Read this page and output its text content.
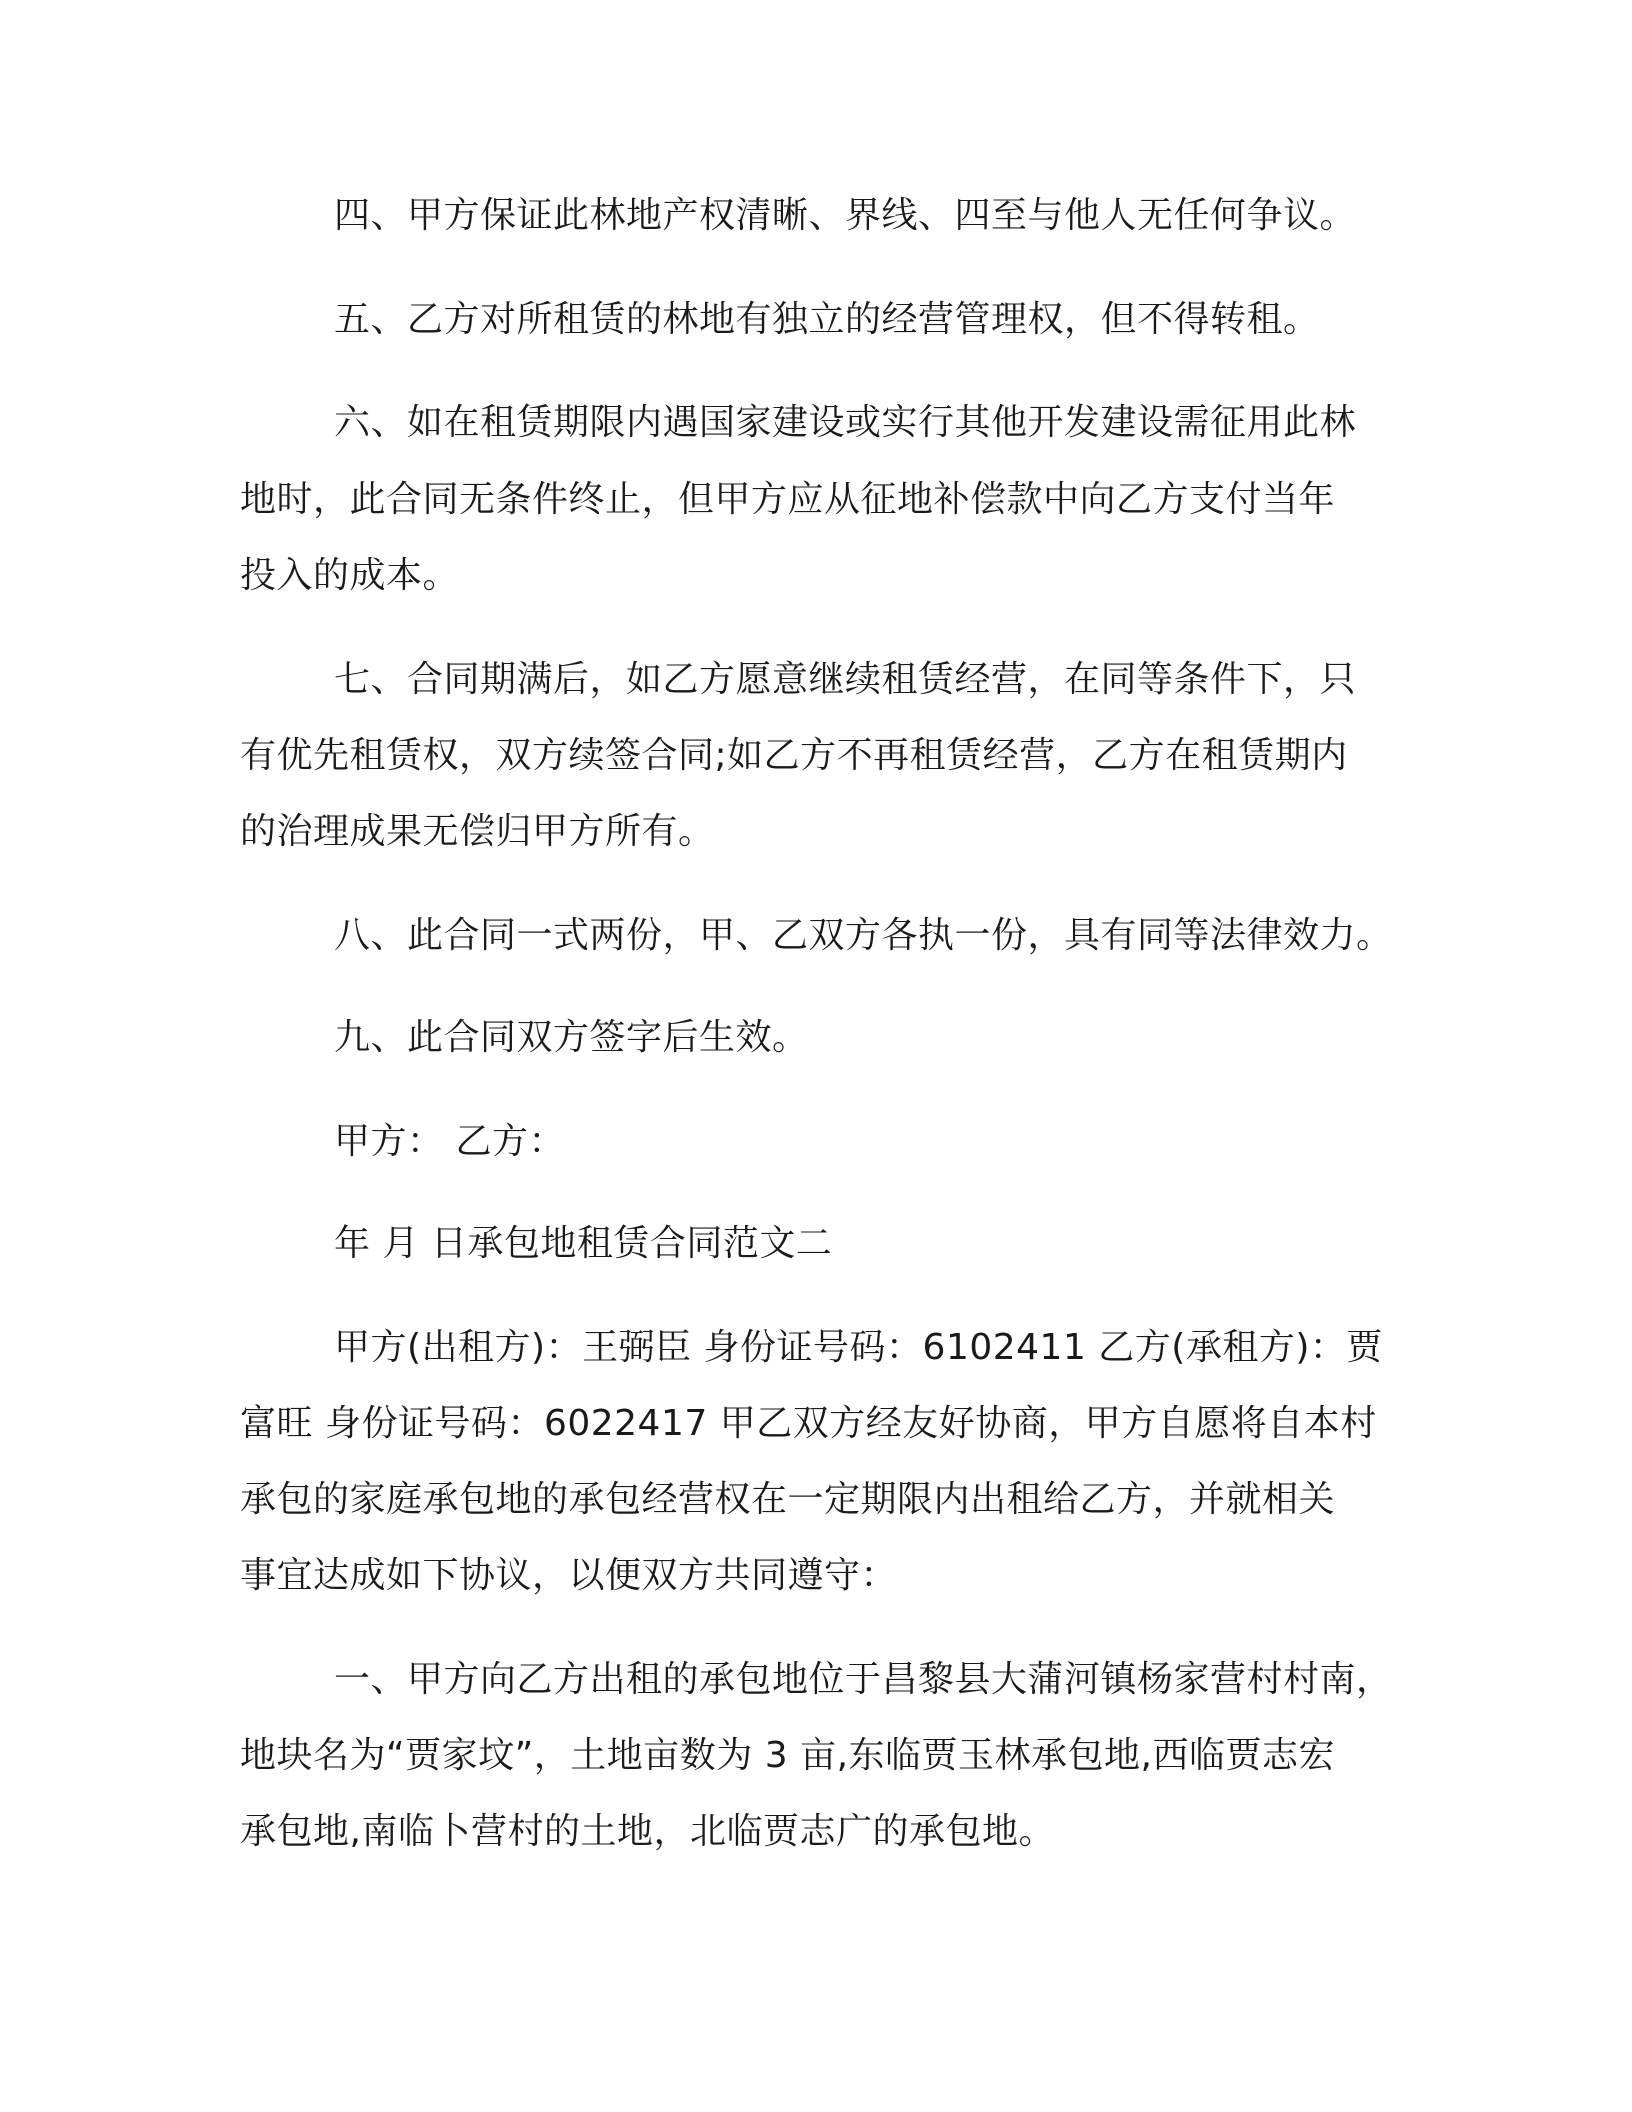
四、甲方保证此林地产权清晰、界线、四至与他人无任何争议。
五、乙方对所租赁的林地有独立的经营管理权，但不得转租。
六、如在租赁期限内遇国家建设或实行其他开发建设需征用此林
地时，此合同无条件终止，但甲方应从征地补偿款中向乙方支付当年
投入的成本。
七、合同期满后，如乙方愿意继续租赁经营，在同等条件下，只
有优先租赁权，双方续签合同;如乙方不再租赁经营，乙方在租赁期内
的治理成果无偿归甲方所有。
八、此合同一式两份，甲、乙双方各执一份，具有同等法律效力。
九、此合同双方签字后生效。
甲方： 乙方：
年 月 日承包地租赁合同范文二
甲方(出租方)：王弼臣 身份证号码：6102411 乙方(承租方)：贾
富旺 身份证号码：6022417 甲乙双方经友好协商，甲方自愿将自本村
承包的家庭承包地的承包经营权在一定期限内出租给乙方，并就相关
事宜达成如下协议，以便双方共同遵守：
一、甲方向乙方出租的承包地位于昌黎县大蒲河镇杨家营村村南，
地块名为“贾家坟”，土地亩数为 3 亩,东临贾玉林承包地,西临贾志宏
承包地,南临卜营村的土地，北临贾志广的承包地。
